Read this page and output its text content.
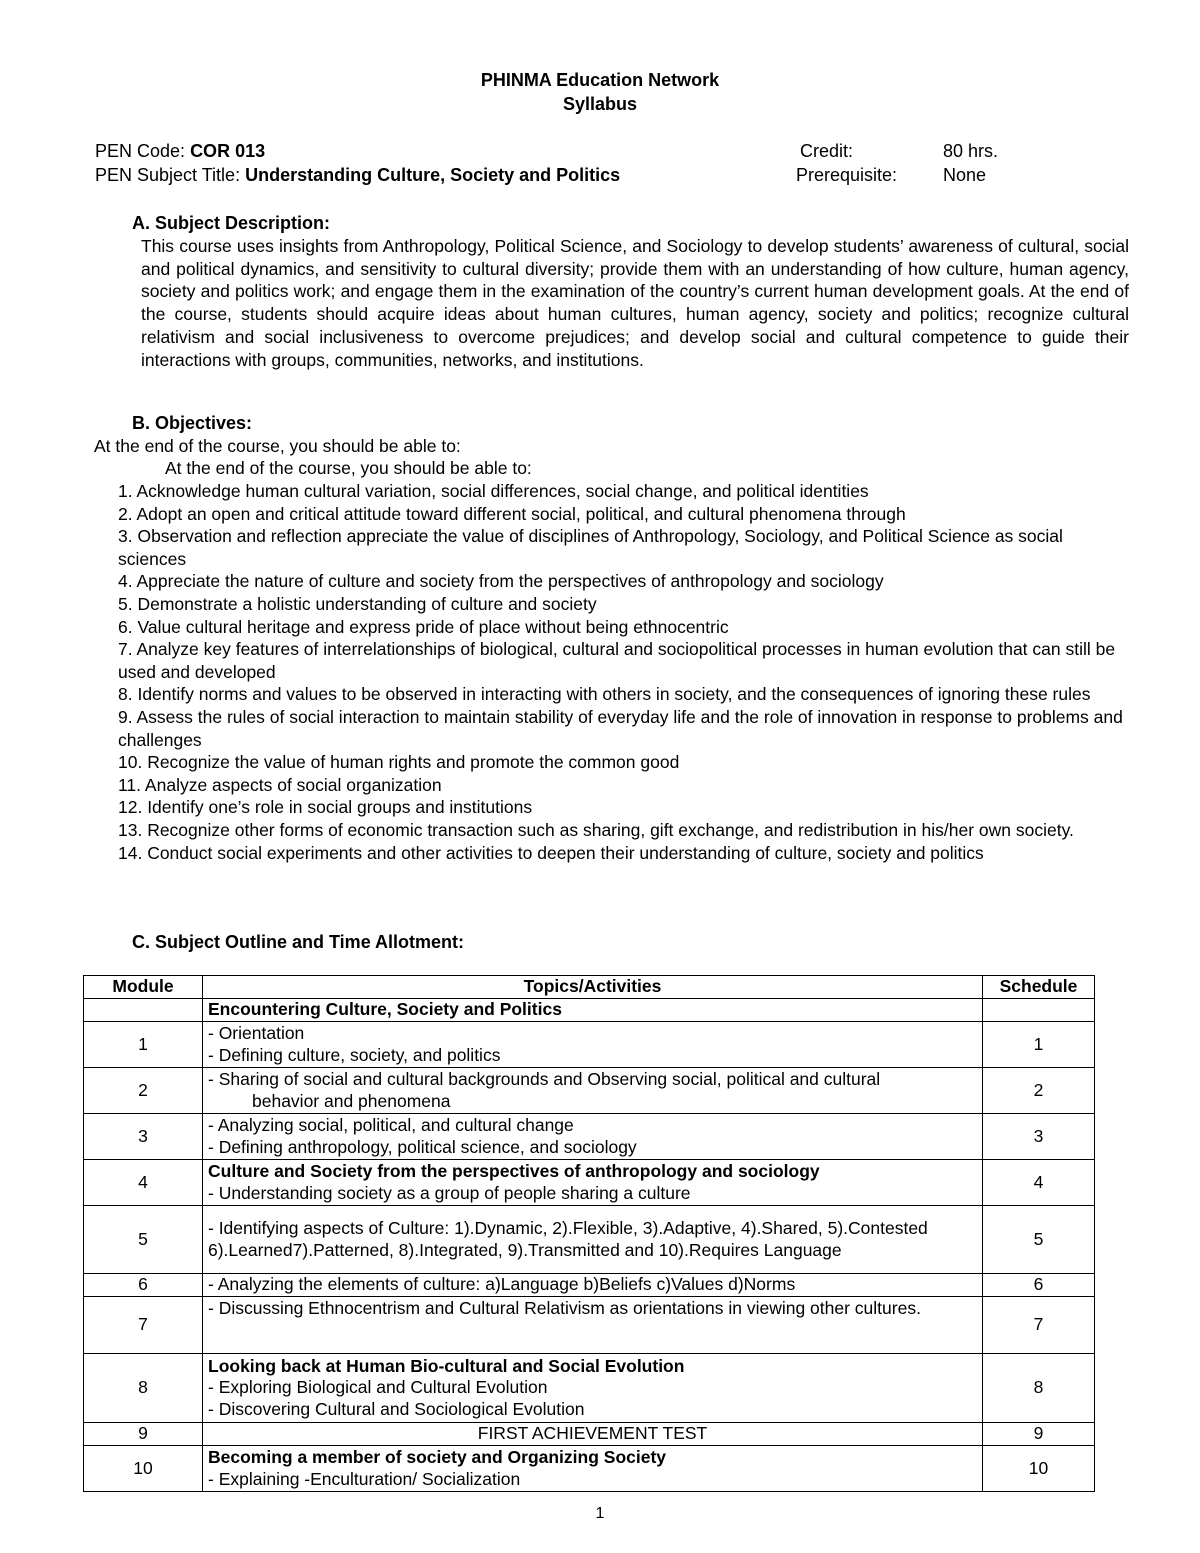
PHINMA Education Network
Syllabus
PEN Code: COR 013
PEN Subject Title: Understanding Culture, Society and Politics
Credit:	80 hrs.
Prerequisite:	None
A. Subject Description:
This course uses insights from Anthropology, Political Science, and Sociology to develop students’ awareness of cultural, social and political dynamics, and sensitivity to cultural diversity; provide them with an understanding of how culture, human agency, society and politics work; and engage them in the examination of the country’s current human development goals. At the end of the course, students should acquire ideas about human cultures, human agency, society and politics; recognize cultural relativism and social inclusiveness to overcome prejudices; and develop social and cultural competence to guide their interactions with groups, communities, networks, and institutions.
B. Objectives:
At the end of the course, you should be able to:
At the end of the course, you should be able to:
1. Acknowledge human cultural variation, social differences, social change, and political identities
2. Adopt an open and critical attitude toward different social, political, and cultural phenomena through
3. Observation and reflection appreciate the value of disciplines of Anthropology, Sociology, and Political Science as social sciences
4. Appreciate the nature of culture and society from the perspectives of anthropology and sociology
5. Demonstrate a holistic understanding of culture and society
6. Value cultural heritage and express pride of place without being ethnocentric
7. Analyze key features of interrelationships of biological, cultural and sociopolitical processes in human evolution that can still be used and developed
8. Identify norms and values to be observed in interacting with others in society, and the consequences of ignoring these rules
9. Assess the rules of social interaction to maintain stability of everyday life and the role of innovation in response to problems and challenges
10. Recognize the value of human rights and promote the common good
11. Analyze aspects of social organization
12. Identify one’s role in social groups and institutions
13. Recognize other forms of economic transaction such as sharing, gift exchange, and redistribution in his/her own society.
14. Conduct social experiments and other activities to deepen their understanding of culture, society and politics
C. Subject Outline and Time Allotment:
Module	Topics/Activities	Schedule
	Encountering Culture, Society and Politics	
1	- Orientation
- Defining culture, society, and politics	1
2	- Sharing of social and cultural backgrounds and Observing social, political and cultural
behavior and phenomena	2
3	- Analyzing social, political, and cultural change
- Defining anthropology, political science, and sociology	3
4	Culture and Society from the perspectives of anthropology and sociology
- Understanding society as a group of people sharing a culture	4
5	- Identifying aspects of Culture: 1).Dynamic, 2).Flexible, 3).Adaptive, 4).Shared, 5).Contested 6).Learned7).Patterned, 8).Integrated, 9).Transmitted and 10).Requires Language	5
6	- Analyzing the elements of culture: a)Language b)Beliefs c)Values d)Norms	6
7	- Discussing Ethnocentrism and Cultural Relativism as orientations in viewing other cultures.	7
8	Looking back at Human Bio-cultural and Social Evolution
- Exploring Biological and Cultural Evolution
- Discovering Cultural and Sociological Evolution	8
9	FIRST ACHIEVEMENT TEST	9
10	Becoming a member of society and Organizing Society
- Explaining -Enculturation/ Socialization	10
1
